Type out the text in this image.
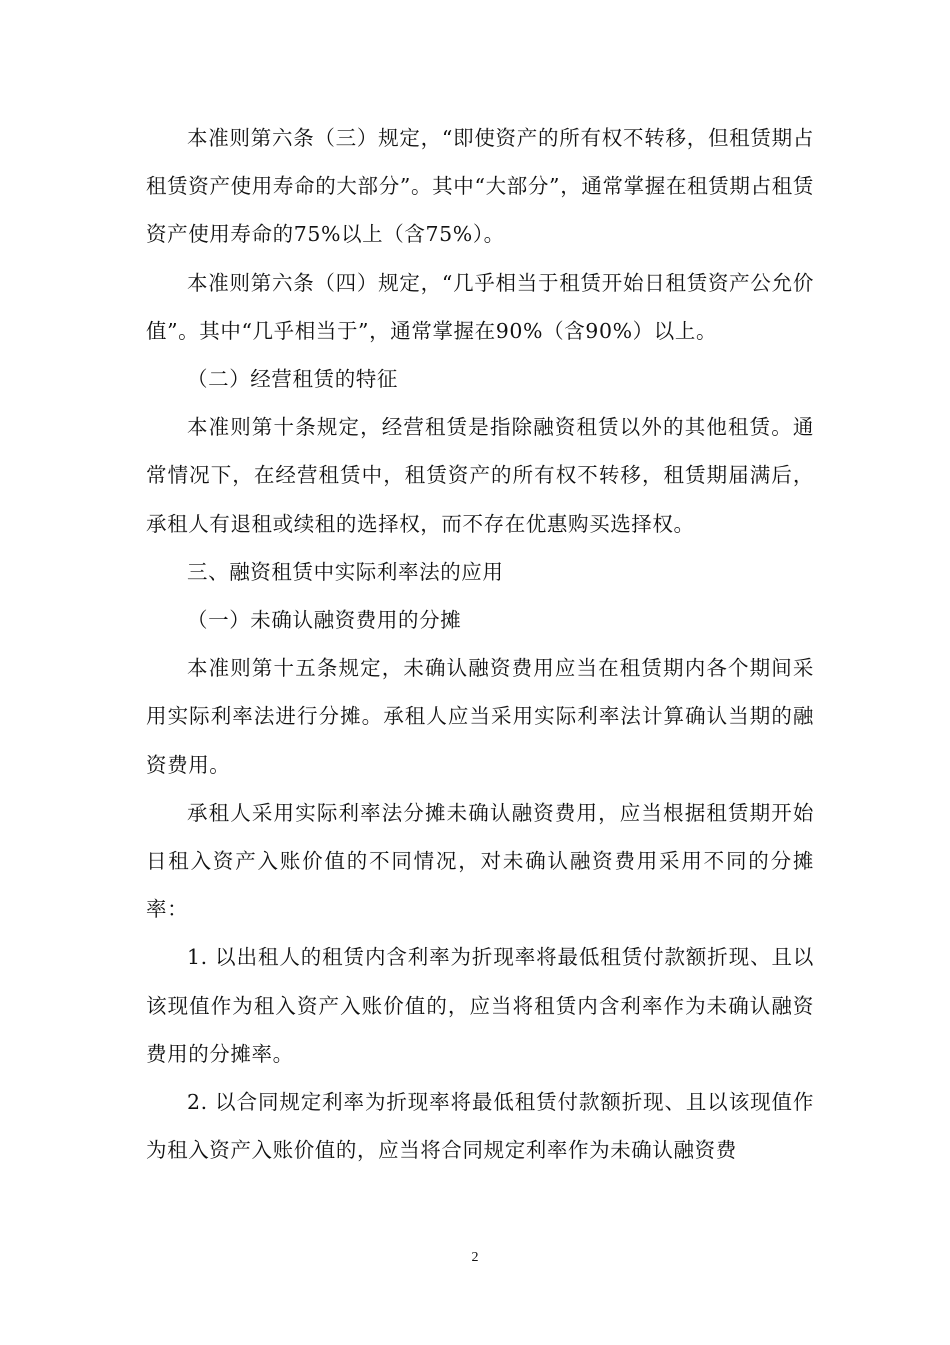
本准则第六条（三）规定，“即使资产的所有权不转移，但租赁期占租赁资产使用寿命的大部分”。其中“大部分”，通常掌握在租赁期占租赁资产使用寿命的75%以上（含75%）。

本准则第六条（四）规定，“几乎相当于租赁开始日租赁资产公允价值”。其中“几乎相当于”，通常掌握在90%（含90%）以上。

（二）经营租赁的特征

本准则第十条规定，经营租赁是指除融资租赁以外的其他租赁。通常情况下，在经营租赁中，租赁资产的所有权不转移，租赁期届满后，承租人有退租或续租的选择权，而不存在优惠购买选择权。

三、融资租赁中实际利率法的应用

（一）未确认融资费用的分摊

本准则第十五条规定，未确认融资费用应当在租赁期内各个期间采用实际利率法进行分摊。承租人应当采用实际利率法计算确认当期的融资费用。

承租人采用实际利率法分摊未确认融资费用，应当根据租赁期开始日租入资产入账价值的不同情况，对未确认融资费用采用不同的分摊率：

1. 以出租人的租赁内含利率为折现率将最低租赁付款额折现、且以该现值作为租入资产入账价值的，应当将租赁内含利率作为未确认融资费用的分摊率。

2. 以合同规定利率为折现率将最低租赁付款额折现、且以该现值作为租入资产入账价值的，应当将合同规定利率作为未确认融资费

2
